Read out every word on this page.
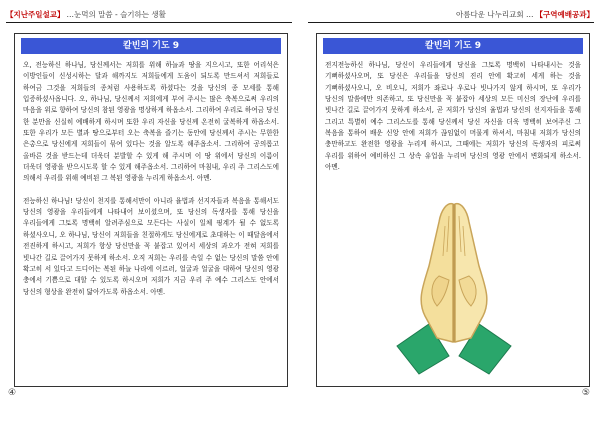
【지난주일설교】 …눈먹의 말씀 - 슬기하는 생활
칼빈의 기도 9

오, 전능하신 하나님, 당신께서는 저희를 위해 하늘과 땅을 지으시고, 또한 어리석은 이방인들이 신성시하는 달과 해까지도 저희들에게 도움이 되도록 만드셔서 저희들로 하여금 그것을 저희들의 종처럼 사용하도록 하셨다는 것을 당신의 종 모세를 통해 입증하셨사옵니다. 오, 하나님, 당신께서 저희에게 부여 주시는 많은 축복으로써 우리의 마음을 위로 향하여 당신의 참된 영광을 명상하게 하옵소서. 그리하여 우리로 하여금 당신 한 분만을 신실히 예배하게 하시며 또한 우리 자신을 당신께 온전히 굴복하게 하옵소서. 또한 우리가 모든 별과 땅으로부터 오는 축복을 즐기는 동안에 당신께서 주시는 무한한 은총으로 당신에게 저희들이 묶여 있다는 것을 알도록 해주옵소서. 그리하여 공의롭고 올바른 것을 받드는데 더욱더 분발할 수 있게 해 주시며 이 땅 위에서 당신의 이름이 더욱더 영광을 받으시도록 할 수 있게 해주옵소서. 그리하여 마침내, 우리 주 그리스도에 의해서 우리를 위해 예비된 그 복된 영광을 누리게 하옵소서. 아멘.

전능하신 하나님! 당신이 천지를 통해서만이 아니라 율법과 선지자들과 복음을 통해서도 당신의 영광을 우리들에게 나타내어 보이셨으며, 또 당신의 독생자를 통해 당신을 우리들에게 그토록 명백히 알려주심으로 모든다는 사실이 일체 핑계가 될 수 없도록 하셨사오니, 오 하나님, 당신이 저희들을 친절하게도 당신에게로 초대하는 이 때달음에서 전진하게 하시고, 저희가 항상 당신만을 꼭 붙잡고 있어서 세상의 과오가 전혀 저희를 빗나간 길로 끌어가지 못하게 하소서. 오직 저희는 우리를 속일 수 없는 당신의 말씀 안에 확고히 서 있다고 드디어는 복된 하늘 나라에 이르러, 얼굴과 얼굴을 대하여 당신의 영광 충에서 기쁨으로 대할 수 있도록 하시오며 저희가 지금 우리 주 예수 그리스도 안에서 당신의 형상을 완전히 닮아가도록 하옵소서. 아멘.

④
아름다운 나누리교회 … 【구역예배공과】
칼빈의 기도 9

전지전능하신 하나님, 당신이 우리들에게 당신을 그토록 명백히 나타내시는 것을 기뻐하셨사오며, 또 당신은 우리들을 당신의 진리 안에 확고히 세게 하는 것을 기뻐하셨사오니, 오 비오니, 저희가 좌로나 우로나 빗나가지 않게 하시며, 또 우리가 당신의 말씀에만 의존하고, 또 당신만을 꼭 붙잡아 세상의 모든 미신의 장난에 우리를 빗나간 길로 끌어가지 못하게 하소서, 곧 저희가 당신의 율법과 당신의 선지자들을 통해 그리고 특별히 예수 그리스도를 통해 당신께서 당신 자신을 더욱 명백히 보여주신 그 복음을 통하여 배운 신앙 안에 저희가 끊임없이 머물게 하셔서, 마침내 저희가 당신의 충만하고도 완전한 영광을 누리게 하시고, 그때에는 저희가 당신의 독생자의 피로써 우리를 위하여 예비하신 그 상속 유업을 누리며 당신의 영광 안에서 변화되게 하소서. 아멘.

⑤
